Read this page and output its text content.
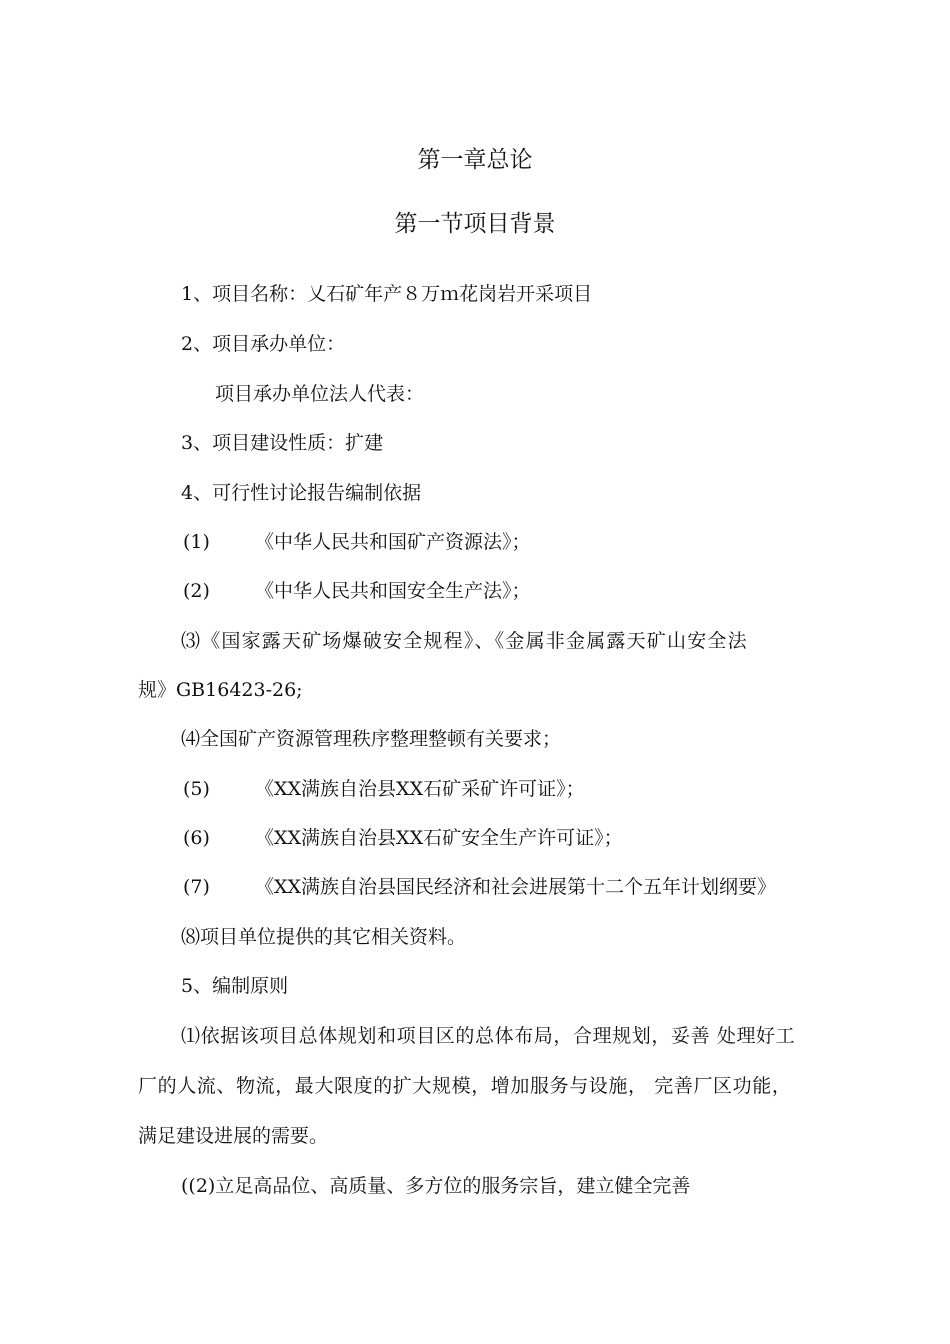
第一章总论
第一节项目背景
1、项目名称：乂石矿年产８万ｍ花岗岩开采项目
2、项目承办单位：
项目承办单位法人代表：
3、项目建设性质：扩建
4、可行性讨论报告编制依据
(1) 《中华人民共和国矿产资源法》；
(2) 《中华人民共和国安全生产法》；
⑶《国家露天矿场爆破安全规程》、《金属非金属露天矿山安全法
规》GB16423-26;
⑷全国矿产资源管理秩序整理整顿有关要求；
(5) 《XX满族自治县XX石矿采矿许可证》；
(6) 《XX满族自治县XX石矿安全生产许可证》；
(7) 《XX满族自治县国民经济和社会进展第十二个五年计划纲要》
⑻项目单位提供的其它相关资料。
5、编制原则
⑴依据该项目总体规划和项目区的总体布局，合理规划，妥善 处理好工
厂的人流、物流，最大限度的扩大规模，增加服务与设施， 完善厂区功能，
满足建设进展的需要。
((2)立足高品位、高质量、多方位的服务宗旨，建立健全完善
